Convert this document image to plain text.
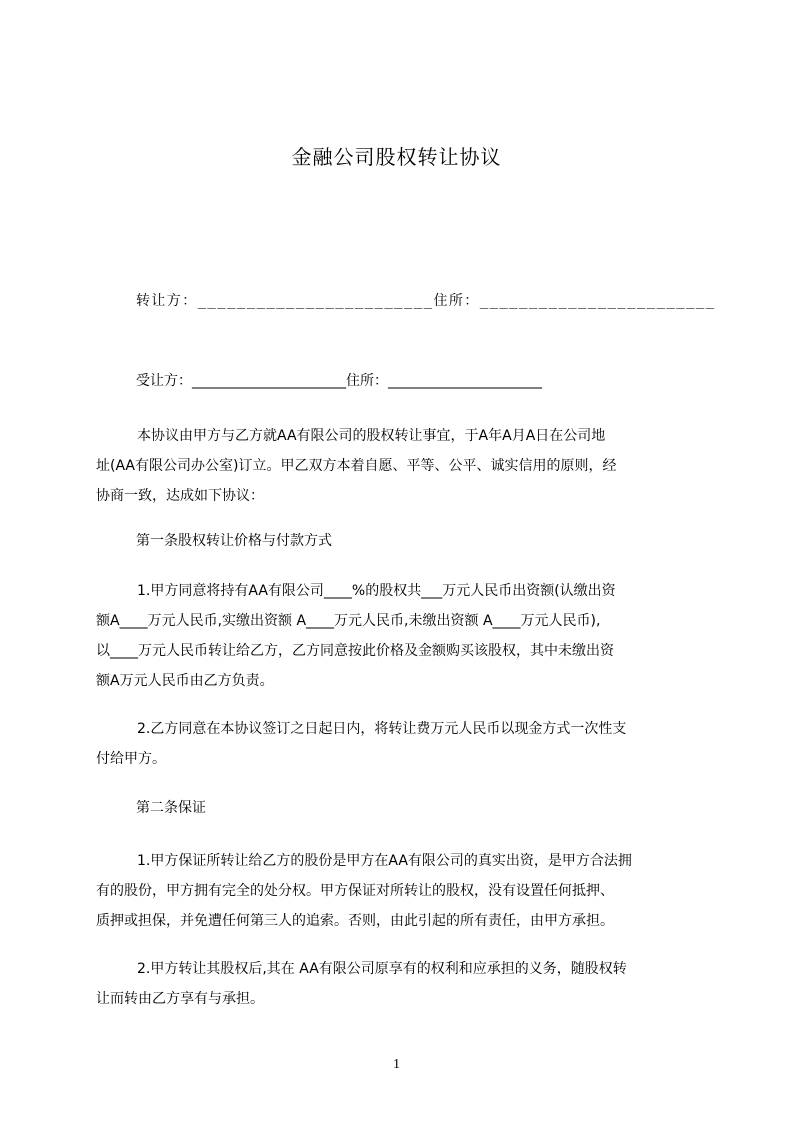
金融公司股权转让协议
转让方：________________________住所：________________________
受让方：______________________住所：______________________

本协议由甲方与乙方就AA有限公司的股权转让事宜，于A年A月A日在公司地

址(AA有限公司办公室)订立。甲乙双方本着自愿、平等、公平、诚实信用的原则，经

协商一致，达成如下协议：

第一条股权转让价格与付款方式

1.甲方同意将持有AA有限公司____%的股权共___万元人民币出资额(认缴出资

额A____万元人民币,实缴出资额 A____万元人民币,未缴出资额 A____万元人民币),

以____万元人民币转让给乙方，乙方同意按此价格及金额购买该股权，其中未缴出资

额A万元人民币由乙方负责。

2.乙方同意在本协议签订之日起日内，将转让费万元人民币以现金方式一次性支

付给甲方。

第二条保证

1.甲方保证所转让给乙方的股份是甲方在AA有限公司的真实出资，是甲方合法拥

有的股份，甲方拥有完全的处分权。甲方保证对所转让的股权，没有设置任何抵押、

质押或担保，并免遭任何第三人的追索。否则，由此引起的所有责任，由甲方承担。

2.甲方转让其股权后,其在 AA有限公司原享有的权利和应承担的义务，随股权转

让而转由乙方享有与承担。

1
